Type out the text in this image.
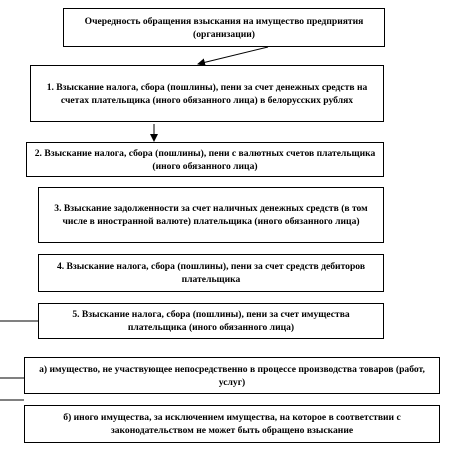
Очередность обращения взыскания на имущество предприятия (организации)
1. Взыскание налога, сбора (пошлины), пени за счет денежных средств на счетах плательщика (иного обязанного лица) в белорусских рублях
2. Взыскание налога, сбора (пошлины), пени с валютных счетов плательщика (иного обязанного лица)
3. Взыскание задолженности за счет наличных денежных средств (в том числе в иностранной валюте) плательщика (иного обязанного лица)
4. Взыскание налога, сбора (пошлины), пени за счет средств дебиторов плательщика
5. Взыскание налога, сбора (пошлины), пени за счет имущества плательщика (иного обязанного лица)
а) имущество, не участвующее непосредственно в процессе производства товаров (работ, услуг)
б) иного имущества, за исключением имущества, на которое в соответствии с законодательством не может быть обращено взыскание
